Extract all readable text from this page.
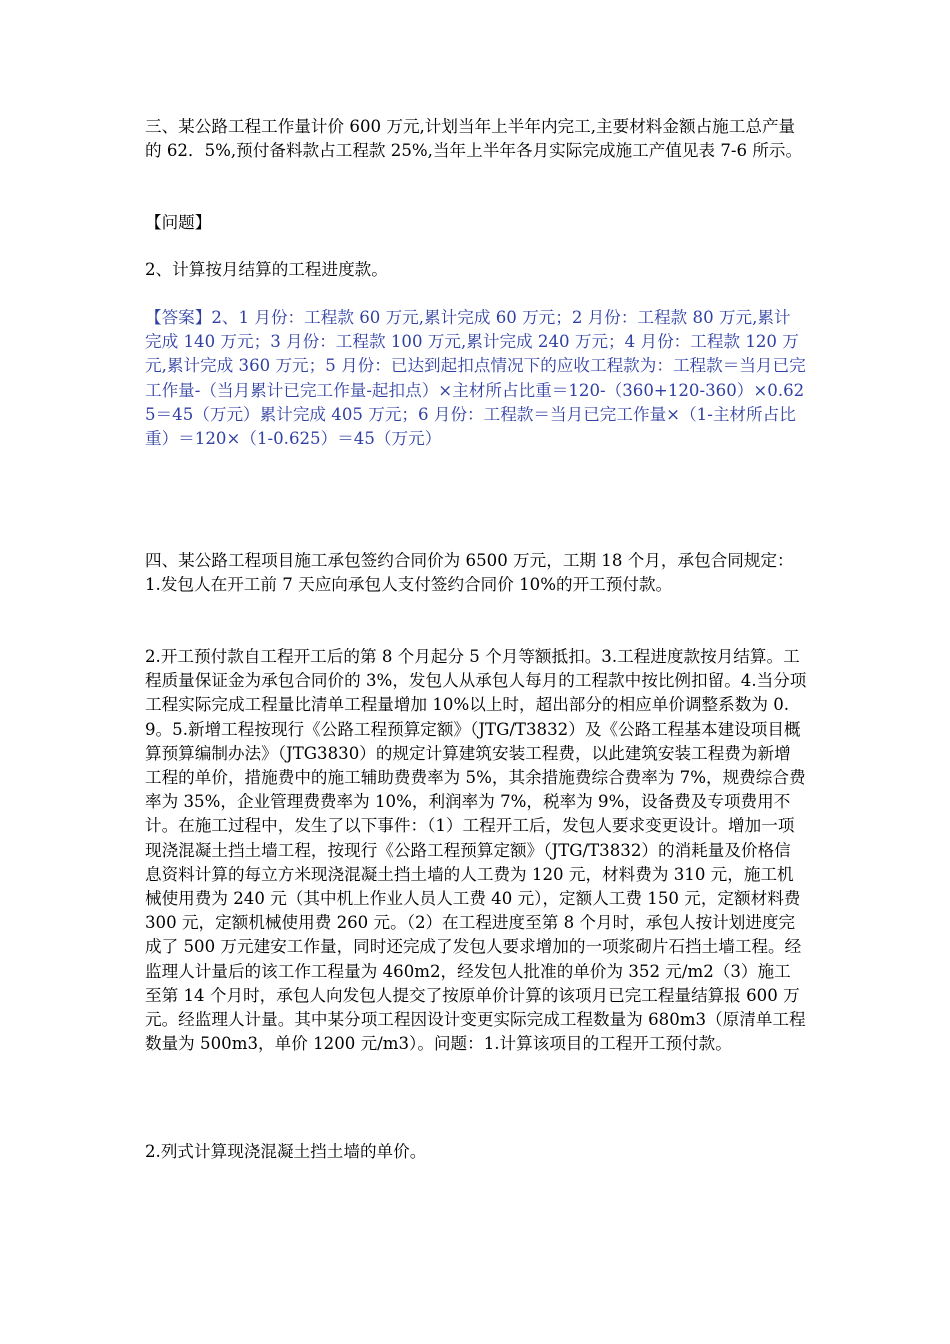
三、某公路工程工作量计价 600 万元,计划当年上半年内完工,主要材料金额占施工总产量的 62．5%,预付备料款占工程款 25%,当年上半年各月实际完成施工产值见表 7-6 所示。

【问题】

2、计算按月结算的工程进度款。

【答案】2、1 月份：工程款 60 万元,累计完成 60 万元；2 月份：工程款 80 万元,累计完成 140 万元；3 月份：工程款 100 万元,累计完成 240 万元；4 月份：工程款 120 万元,累计完成 360 万元；5 月份：已达到起扣点情况下的应收工程款为：工程款＝当月已完工作量-（当月累计已完工作量-起扣点）×主材所占比重＝120-（360+120-360）×0.625＝45（万元）累计完成 405 万元；6 月份：工程款＝当月已完工作量×（1-主材所占比重）＝120×（1-0.625）＝45（万元）

四、某公路工程项目施工承包签约合同价为 6500 万元，工期 18 个月，承包合同规定：1.发包人在开工前 7 天应向承包人支付签约合同价 10%的开工预付款。

2.开工预付款自工程开工后的第 8 个月起分 5 个月等额抵扣。3.工程进度款按月结算。工程质量保证金为承包合同价的 3%，发包人从承包人每月的工程款中按比例扣留。4.当分项工程实际完成工程量比清单工程量增加 10%以上时，超出部分的相应单价调整系数为 0.9。5.新增工程按现行《公路工程预算定额》（JTG/T3832）及《公路工程基本建设项目概算预算编制办法》（JTG3830）的规定计算建筑安装工程费，以此建筑安装工程费为新增工程的单价，措施费中的施工辅助费费率为 5%，其余措施费综合费率为 7%，规费综合费率为 35%，企业管理费费率为 10%，利润率为 7%，税率为 9%，设备费及专项费用不计。在施工过程中，发生了以下事件：（1）工程开工后，发包人要求变更设计。增加一项现浇混凝土挡土墙工程，按现行《公路工程预算定额》（JTG/T3832）的消耗量及价格信息资料计算的每立方米现浇混凝土挡土墙的人工费为 120 元，材料费为 310 元，施工机械使用费为 240 元（其中机上作业人员人工费 40 元），定额人工费 150 元，定额材料费 300 元，定额机械使用费 260 元。（2）在工程进度至第 8 个月时，承包人按计划进度完成了 500 万元建安工作量，同时还完成了发包人要求增加的一项浆砌片石挡土墙工程。经监理人计量后的该工作工程量为 460m2，经发包人批准的单价为 352 元/m2（3）施工至第 14 个月时，承包人向发包人提交了按原单价计算的该项月已完工程量结算报 600 万元。经监理人计量。其中某分项工程因设计变更实际完成工程数量为 680m3（原清单工程数量为 500m3，单价 1200 元/m3）。问题：1.计算该项目的工程开工预付款。

2.列式计算现浇混凝土挡土墙的单价。
